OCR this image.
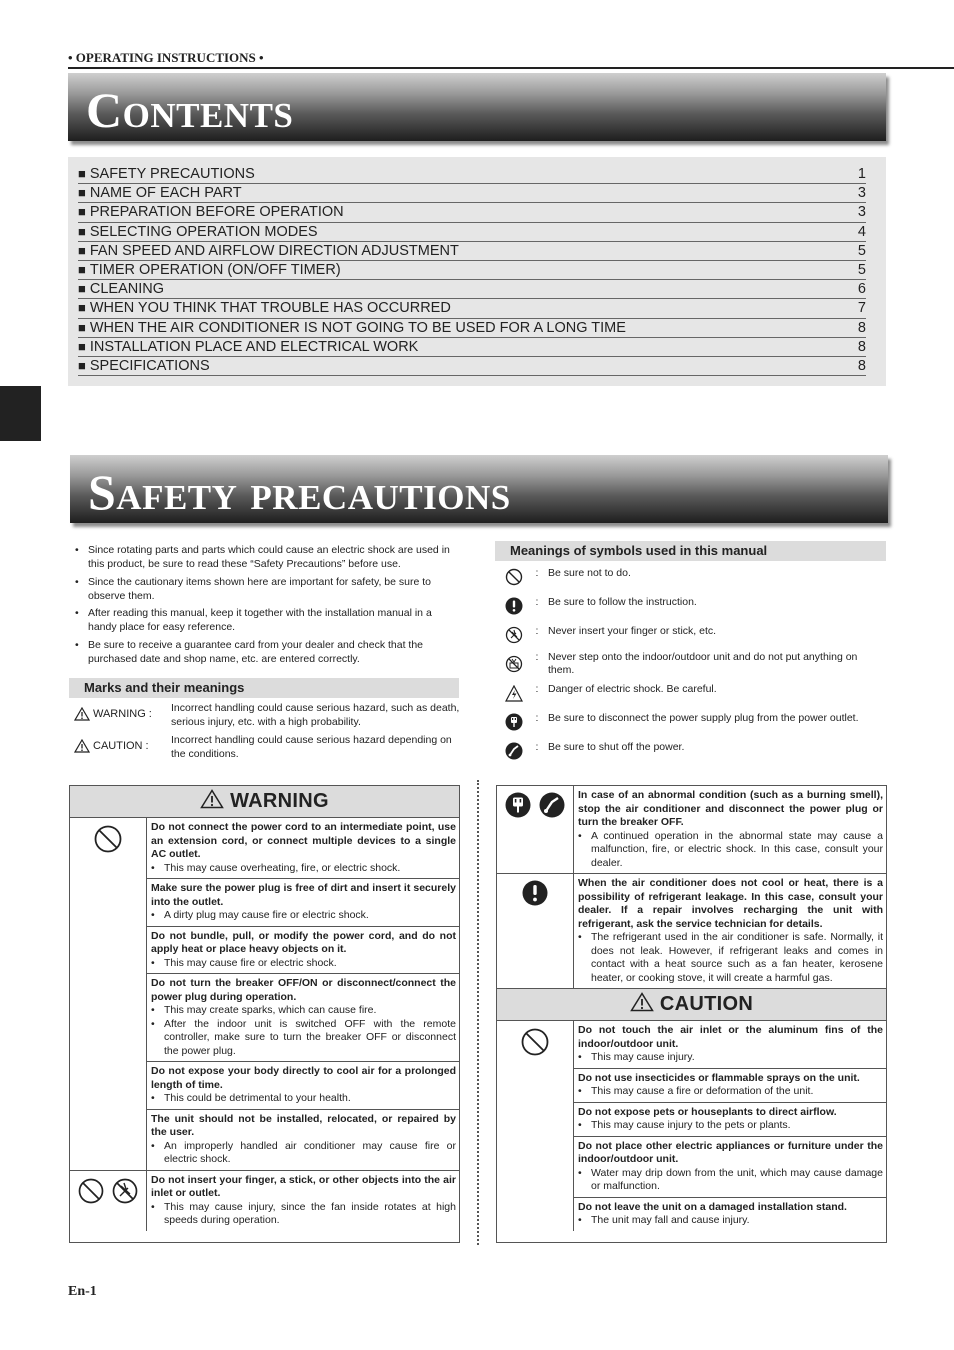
• OPERATING INSTRUCTIONS •
Contents
■ SAFETY PRECAUTIONS	1
■ NAME OF EACH PART	3
■ PREPARATION BEFORE OPERATION	3
■ SELECTING OPERATION MODES	4
■ FAN SPEED AND AIRFLOW DIRECTION ADJUSTMENT	5
■ TIMER OPERATION (ON/OFF TIMER)	5
■ CLEANING	6
■ WHEN YOU THINK THAT TROUBLE HAS OCCURRED	7
■ WHEN THE AIR CONDITIONER IS NOT GOING TO BE USED FOR A LONG TIME	8
■ INSTALLATION PLACE AND ELECTRICAL WORK	8
■ SPECIFICATIONS	8
Safety precautions
• Since rotating parts and parts which could cause an electric shock are used in this product, be sure to read these “Safety Precautions” before use.
• Since the cautionary items shown here are important for safety, be sure to observe them.
• After reading this manual, keep it together with the installation manual in a handy place for easy reference.
• Be sure to receive a guarantee card from your dealer and check that the purchased date and shop name, etc. are entered correctly.
Marks and their meanings
WARNING : Incorrect handling could cause serious hazard, such as death, serious injury, etc. with a high probability.
CAUTION : Incorrect handling could cause serious hazard depending on the conditions.
Meanings of symbols used in this manual
: Be sure not to do.
: Be sure to follow the instruction.
: Never insert your finger or stick, etc.
: Never step onto the indoor/outdoor unit and do not put anything on them.
: Danger of electric shock. Be careful.
: Be sure to disconnect the power supply plug from the power outlet.
: Be sure to shut off the power.
WARNING
Do not connect the power cord to an intermediate point, use an extension cord, or connect multiple devices to a single AC outlet.
• This may cause overheating, fire, or electric shock.
Make sure the power plug is free of dirt and insert it securely into the outlet.
• A dirty plug may cause fire or electric shock.
Do not bundle, pull, or modify the power cord, and do not apply heat or place heavy objects on it.
• This may cause fire or electric shock.
Do not turn the breaker OFF/ON or disconnect/connect the power plug during operation.
• This may create sparks, which can cause fire.
• After the indoor unit is switched OFF with the remote controller, make sure to turn the breaker OFF or disconnect the power plug.
Do not expose your body directly to cool air for a prolonged length of time.
• This could be detrimental to your health.
The unit should not be installed, relocated, or repaired by the user.
• An improperly handled air conditioner may cause fire or electric shock.
Do not insert your finger, a stick, or other objects into the air inlet or outlet.
• This may cause injury, since the fan inside rotates at high speeds during operation.
In case of an abnormal condition (such as a burning smell), stop the air conditioner and disconnect the power plug or turn the breaker OFF.
• A continued operation in the abnormal state may cause a malfunction, fire, or electric shock. In this case, consult your dealer.
When the air conditioner does not cool or heat, there is a possibility of refrigerant leakage. In this case, consult your dealer. If a repair involves recharging the unit with refrigerant, ask the service technician for details.
• The refrigerant used in the air conditioner is safe. Normally, it does not leak. However, if refrigerant leaks and comes in contact with a heat source such as a fan heater, kerosene heater, or cooking stove, it will create a harmful gas.
CAUTION
Do not touch the air inlet or the aluminum fins of the indoor/outdoor unit.
• This may cause injury.
Do not use insecticides or flammable sprays on the unit.
• This may cause a fire or deformation of the unit.
Do not expose pets or houseplants to direct airflow.
• This may cause injury to the pets or plants.
Do not place other electric appliances or furniture under the indoor/outdoor unit.
• Water may drip down from the unit, which may cause damage or malfunction.
Do not leave the unit on a damaged installation stand.
• The unit may fall and cause injury.
En-1
